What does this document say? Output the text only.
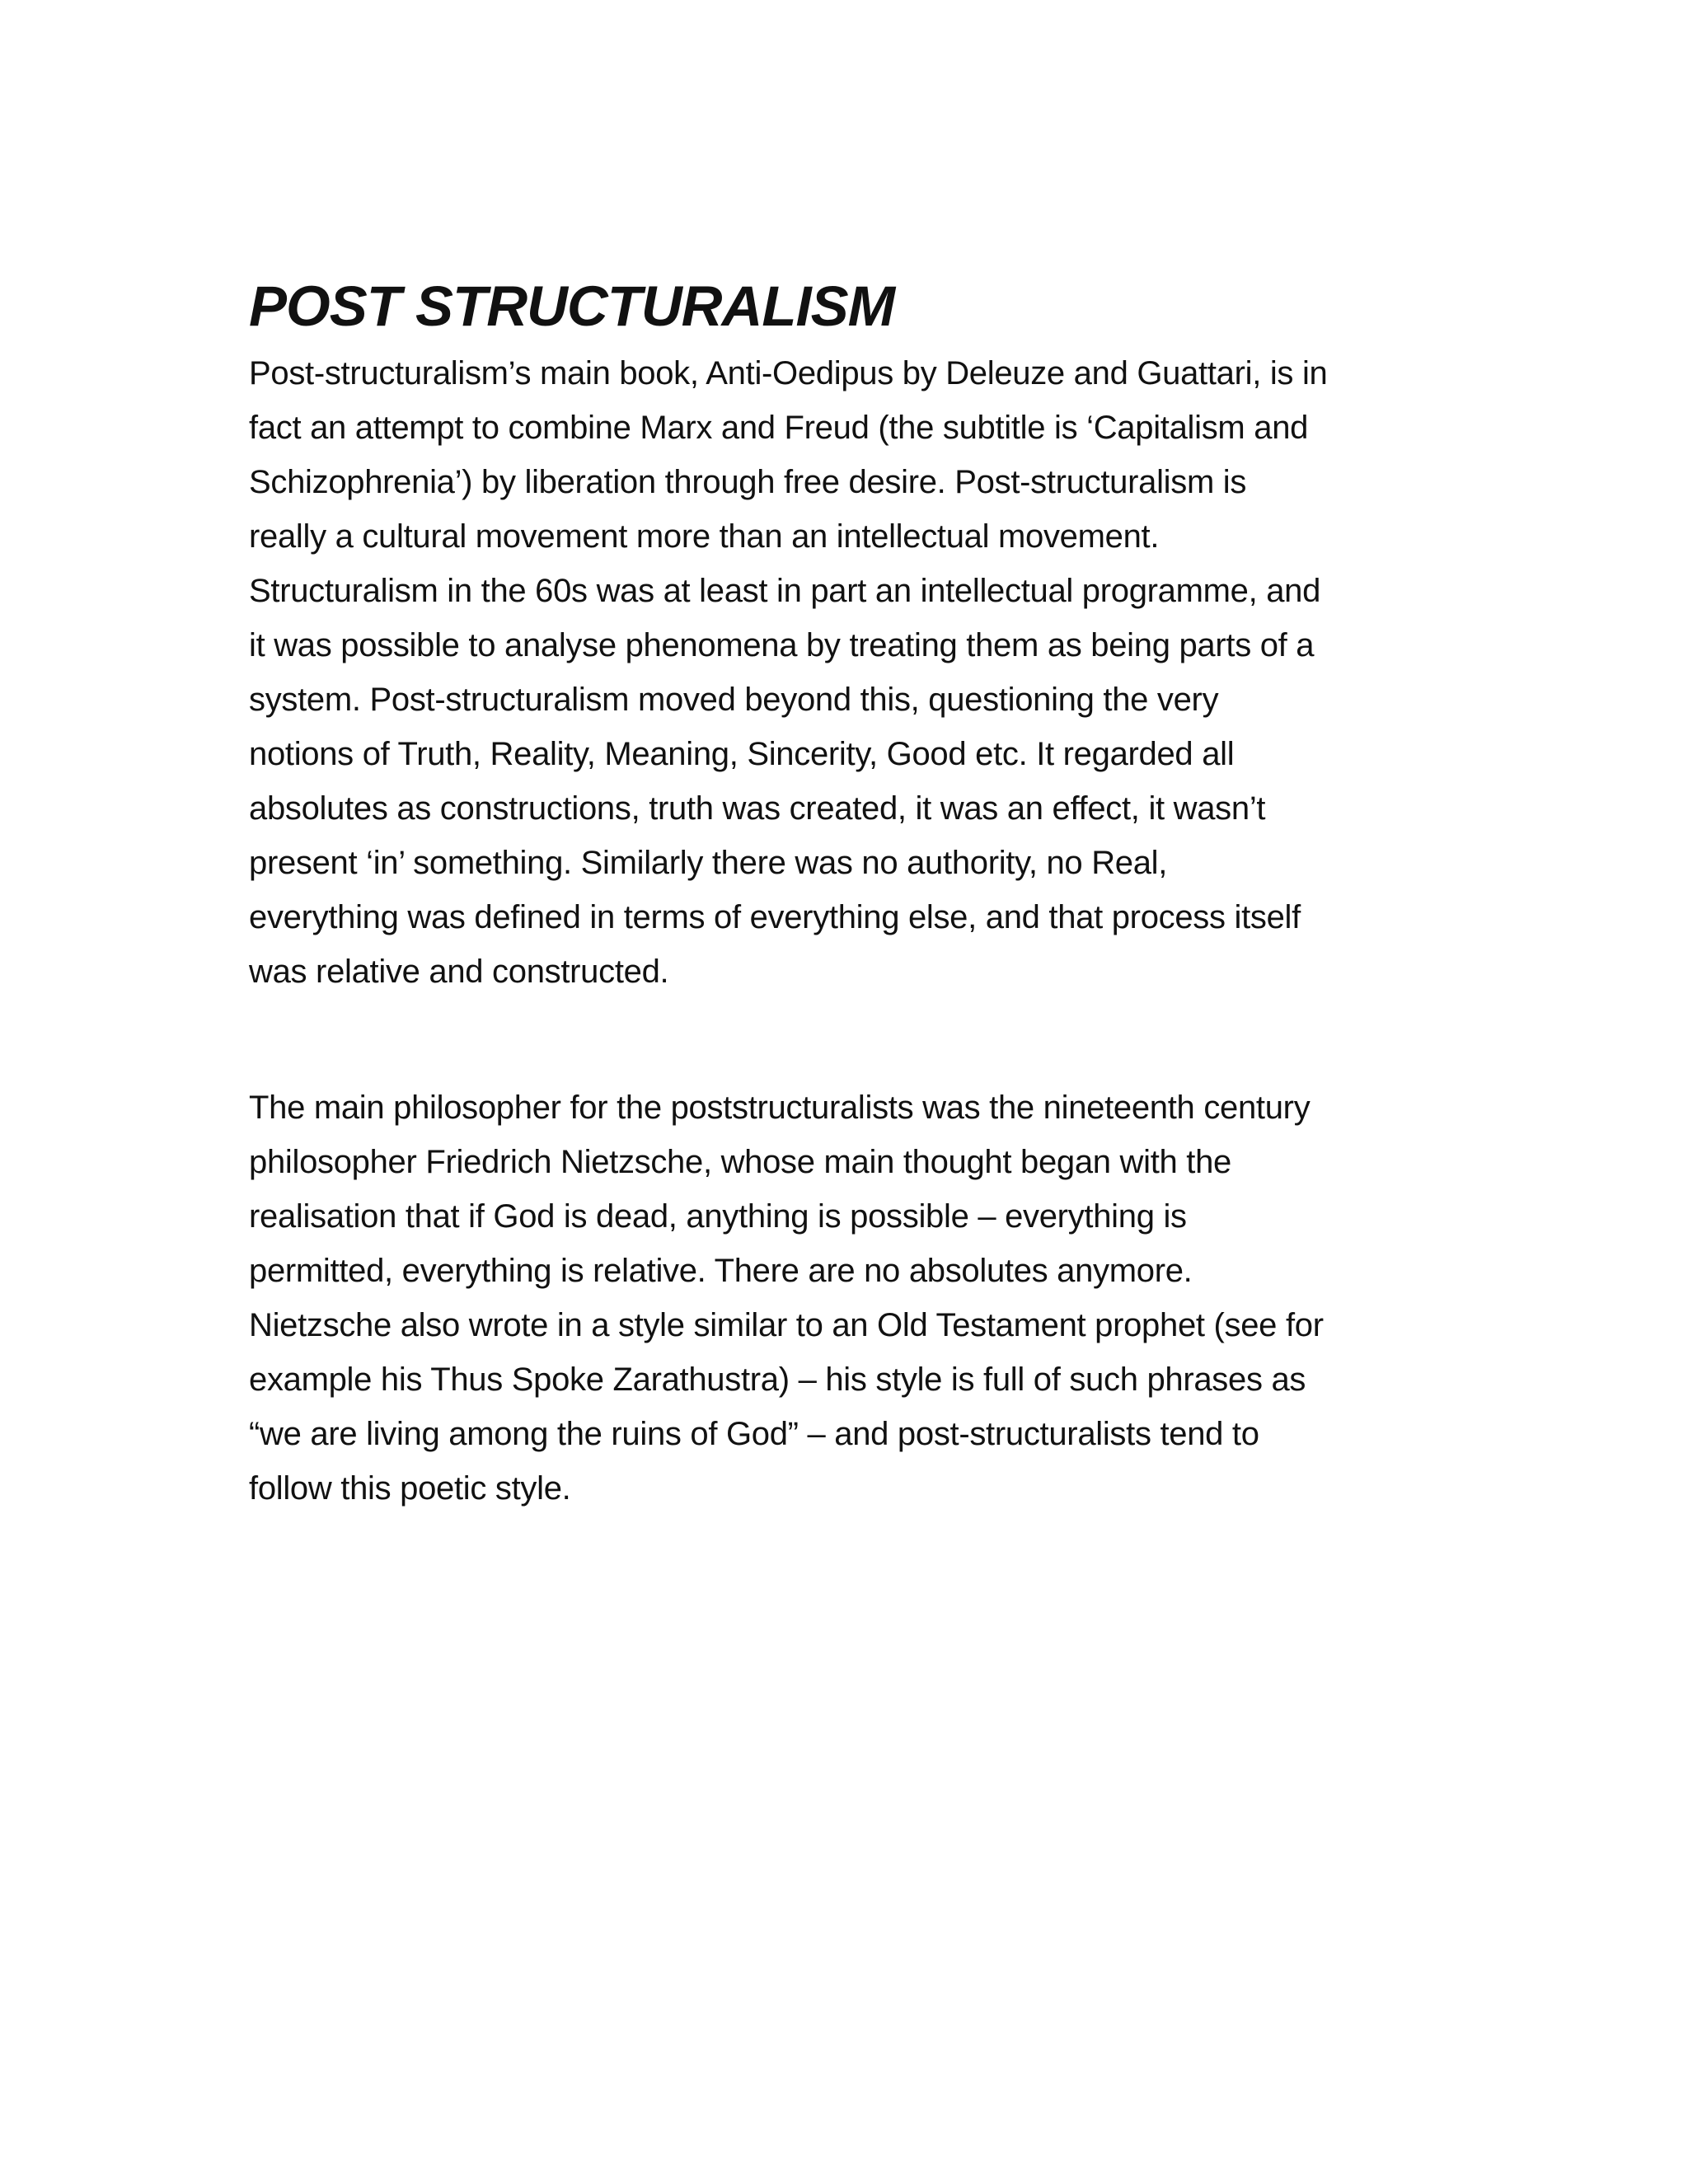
POST STRUCTURALISM

Post-structuralism’s main book, Anti-Oedipus by Deleuze and Guattari, is in
fact an attempt to combine Marx and Freud (the subtitle is ‘Capitalism and
Schizophrenia’) by liberation through free desire. Post-structuralism is
really a cultural movement more than an intellectual movement.
Structuralism in the 60s was at least in part an intellectual programme, and
it was possible to analyse phenomena by treating them as being parts of a
system. Post-structuralism moved beyond this, questioning the very
notions of Truth, Reality, Meaning, Sincerity, Good etc. It regarded all
absolutes as constructions, truth was created, it was an effect, it wasn’t
present ‘in’ something. Similarly there was no authority, no Real,
everything was defined in terms of everything else, and that process itself
was relative and constructed.

The main philosopher for the poststructuralists was the nineteenth century
philosopher Friedrich Nietzsche, whose main thought began with the
realisation that if God is dead, anything is possible – everything is
permitted, everything is relative. There are no absolutes anymore.
Nietzsche also wrote in a style similar to an Old Testament prophet (see for
example his Thus Spoke Zarathustra) – his style is full of such phrases as
“we are living among the ruins of God” – and post-structuralists tend to
follow this poetic style.
